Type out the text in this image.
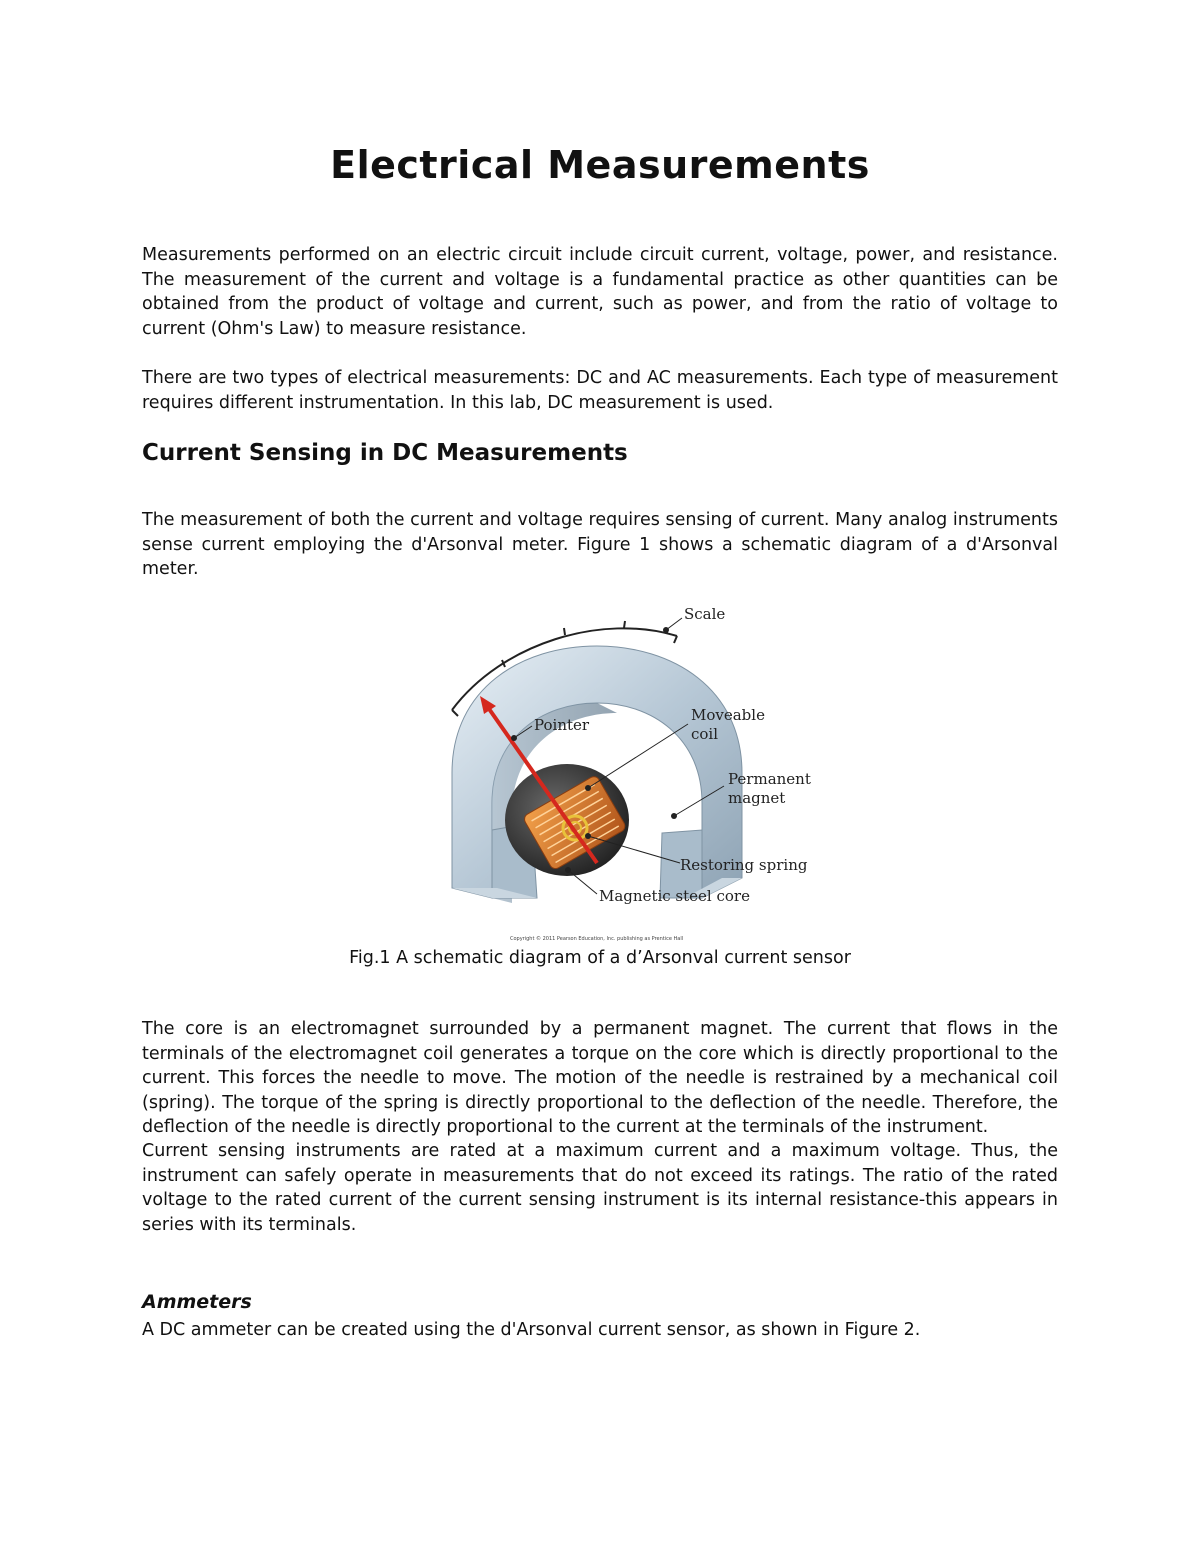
Electrical Measurements

Measurements performed on an electric circuit include circuit current, voltage, power, and resistance. The measurement of the current and voltage is a fundamental practice as other quantities can be obtained from the product of voltage and current, such as power, and from the ratio of voltage to current (Ohm's Law) to measure resistance.

There are two types of electrical measurements: DC and AC measurements. Each type of measurement requires different instrumentation. In this lab, DC measurement is used.

Current Sensing in DC Measurements

The measurement of both the current and voltage requires sensing of current. Many analog instruments sense current employing the d'Arsonval meter. Figure 1 shows a schematic diagram of a d'Arsonval meter.

Scale
Pointer
Moveable
coil
Permanent
magnet
Restoring spring
Magnetic steel core
Copyright © 2011 Pearson Education, Inc. publishing as Prentice Hall
Fig.1 A schematic diagram of a d’Arsonval current sensor

The core is an electromagnet surrounded by a permanent magnet. The current that flows in the terminals of the electromagnet coil generates a torque on the core which is directly proportional to the current. This forces the needle to move. The motion of the needle is restrained by a mechanical coil (spring). The torque of the spring is directly proportional to the deflection of the needle. Therefore, the deflection of the needle is directly proportional to the current at the terminals of the instrument.

Current sensing instruments are rated at a maximum current and a maximum voltage. Thus, the instrument can safely operate in measurements that do not exceed its ratings. The ratio of the rated voltage to the rated current of the current sensing instrument is its internal resistance-this appears in series with its terminals.

Ammeters

A DC ammeter can be created using the d'Arsonval current sensor, as shown in Figure 2.
